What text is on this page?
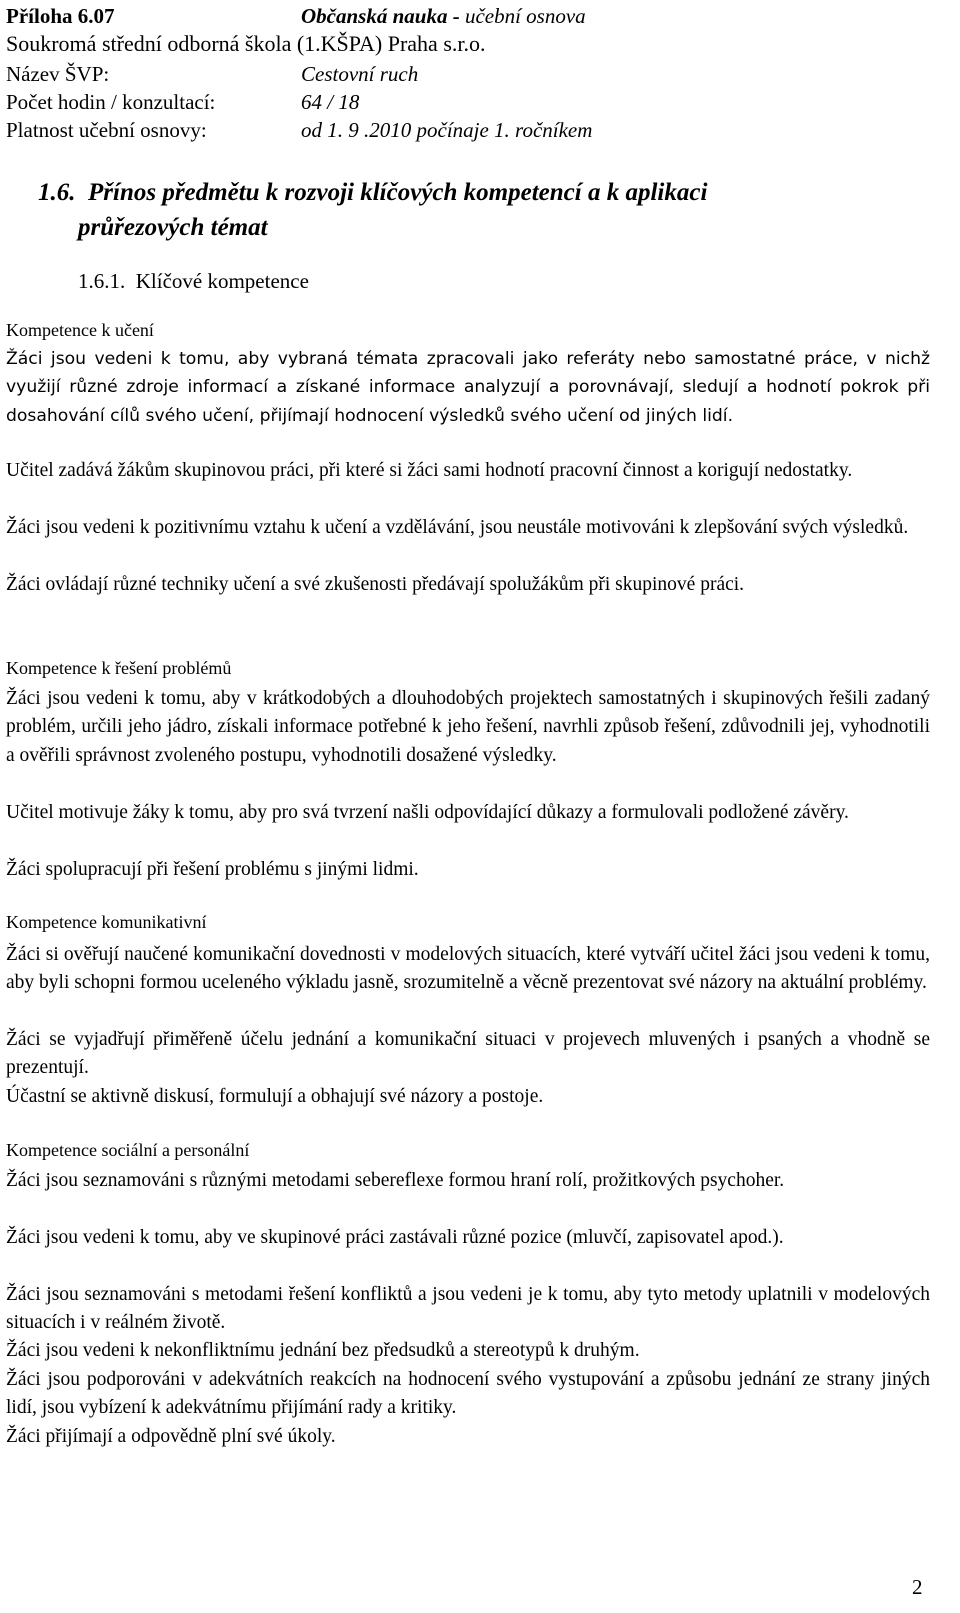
Příloha 6.07	Občanská nauka - učební osnova
Soukromá střední odborná škola (1.KŠPA) Praha s.r.o.
Název ŠVP:	Cestovní ruch
Počet hodin / konzultací:	64 / 18
Platnost učební osnovy:	od 1. 9 .2010 počínaje 1. ročníkem
1.6. Přínos předmětu k rozvoji klíčových kompetencí a k aplikaci
průřezových témat
1.6.1. Klíčové kompetence
Kompetence k učení
Žáci jsou vedeni k tomu, aby vybraná témata zpracovali jako referáty nebo samostatné práce, v nichž využijí různé zdroje informací a získané informace analyzují a porovnávají, sledují a hodnotí pokrok při dosahování cílů svého učení, přijímají hodnocení výsledků svého učení od jiných lidí.
Učitel zadává žákům skupinovou práci, při které si žáci sami hodnotí pracovní činnost a korigují nedostatky.
Žáci jsou vedeni k pozitivnímu vztahu k učení a vzdělávání, jsou neustále motivováni k zlepšování svých výsledků.
Žáci ovládají různé techniky učení a své zkušenosti předávají spolužákům při skupinové práci.
Kompetence k řešení problémů
Žáci jsou vedeni k tomu, aby v krátkodobých a dlouhodobých projektech samostatných i skupinových řešili zadaný problém, určili jeho jádro, získali informace potřebné k jeho řešení, navrhli způsob řešení, zdůvodnili jej, vyhodnotili a ověřili správnost zvoleného postupu, vyhodnotili dosažené výsledky.
Učitel motivuje žáky k tomu, aby pro svá tvrzení našli odpovídající důkazy a formulovali podložené závěry.
Žáci spolupracují při řešení problému s jinými lidmi.
Kompetence komunikativní
Žáci si ověřují naučené komunikační dovednosti v modelových situacích, které vytváří učitel žáci jsou vedeni k tomu, aby byli schopni formou uceleného výkladu jasně, srozumitelně a věcně prezentovat své názory na aktuální problémy.
Žáci se vyjadřují přiměřeně účelu jednání a komunikační situaci v projevech mluvených i psaných a vhodně se prezentují.
Účastní se aktivně diskusí, formulují a obhajují své názory a postoje.
Kompetence sociální a personální
Žáci jsou seznamováni s různými metodami sebereflexe formou hraní rolí, prožitkových psychoher.
Žáci jsou vedeni k tomu, aby ve skupinové práci zastávali různé pozice (mluvčí, zapisovatel apod.).
Žáci jsou seznamováni s metodami řešení konfliktů a jsou vedeni je k tomu, aby tyto metody uplatnili v modelových situacích i v reálném životě.
Žáci jsou vedeni k nekonfliktnímu jednání bez předsudků a stereotypů k druhým.
Žáci jsou podporováni v adekvátních reakcích na hodnocení svého vystupování a způsobu jednání ze strany jiných lidí, jsou vybízení k adekvátnímu přijímání rady a kritiky.
Žáci přijímají a odpovědně plní své úkoly.
2
